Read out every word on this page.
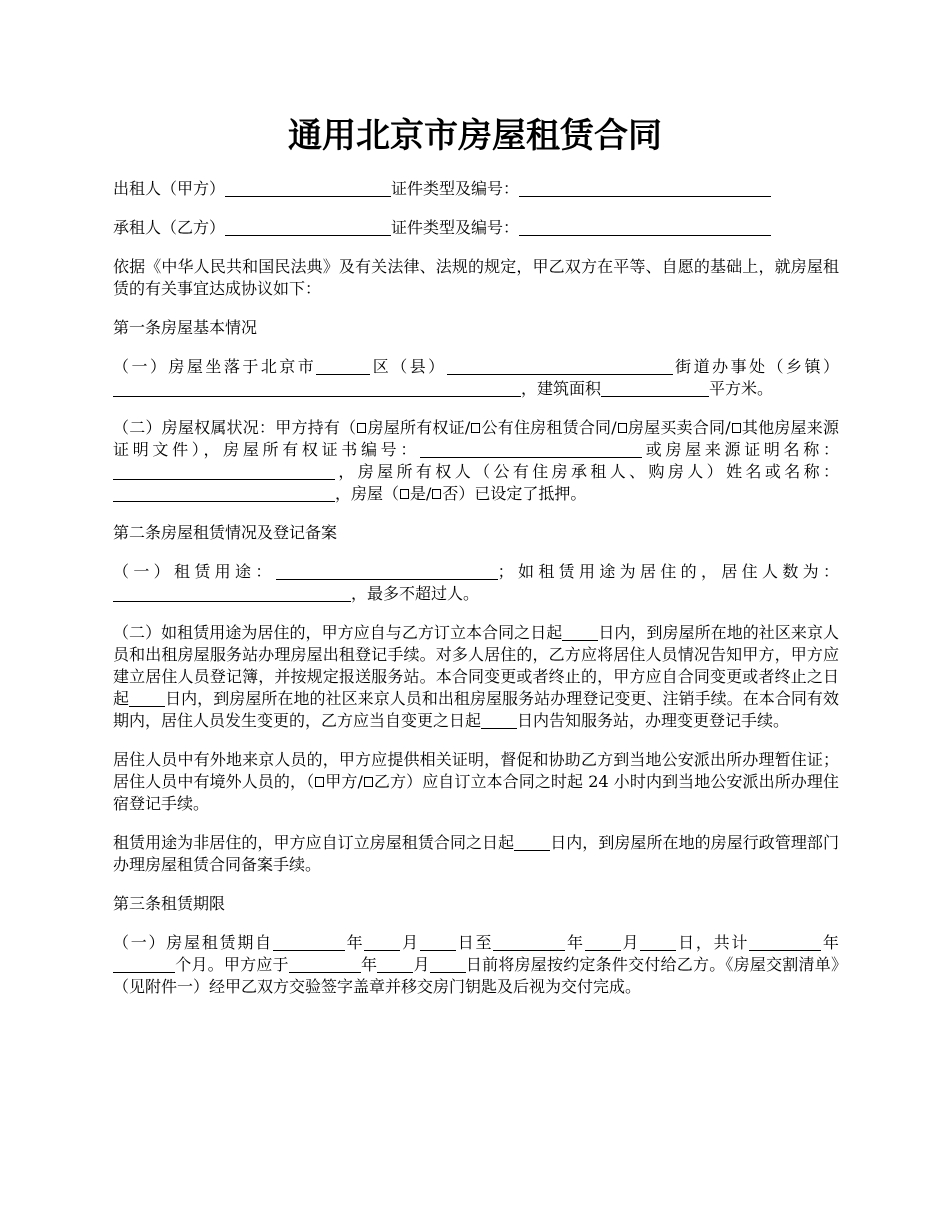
通用北京市房屋租赁合同

出租人（甲方）	证件类型及编号：

承租人（乙方）	证件类型及编号：

依据《中华人民共和国民法典》及有关法律、法规的规定，甲乙双方在平等、自愿的基础上，就房屋租赁的有关事宜达成协议如下：

第一条房屋基本情况

（一）房屋坐落于北京市	区（县）	街道办事处（乡镇），建筑面积	平方米。

（二）房屋权属状况：甲方持有（ 房屋所有权证/ 公有住房租赁合同/ 房屋买卖合同/ 其他房屋来源证明文件），房屋所有权证书编号：	或房屋来源证明名称：，房屋所有权人（公有住房承租人、购房人）姓名或名称：，房屋（ 是/ 否）已设定了抵押。

第二条房屋租赁情况及登记备案

（一）租赁用途：	；如租赁用途为居住的，居住人数为：，最多不超过人。

（二）如租赁用途为居住的，甲方应自与乙方订立本合同之日起 日内，到房屋所在地的社区来京人员和出租房屋服务站办理房屋出租登记手续。对多人居住的，乙方应将居住人员情况告知甲方，甲方应建立居住人员登记簿，并按规定报送服务站。本合同变更或者终止的，甲方应自合同变更或者终止之日起 日内，到房屋所在地的社区来京人员和出租房屋服务站办理登记变更、注销手续。在本合同有效期内，居住人员发生变更的，乙方应当自变更之日起 日内告知服务站，办理变更登记手续。

居住人员中有外地来京人员的，甲方应提供相关证明，督促和协助乙方到当地公安派出所办理暂住证；居住人员中有境外人员的，（ 甲方/ 乙方）应自订立本合同之时起 24 小时内到当地公安派出所办理住宿登记手续。

租赁用途为非居住的，甲方应自订立房屋租赁合同之日起 日内，到房屋所在地的房屋行政管理部门办理房屋租赁合同备案手续。

第三条租赁期限

（一）房屋租赁期自	年 月 日至	年 月 日，共计	年个月。甲方应于	年 月 日前将房屋按约定条件交付给乙方。《房屋交割清单》（见附件一）经甲乙双方交验签字盖章并移交房门钥匙及后视为交付完成。
